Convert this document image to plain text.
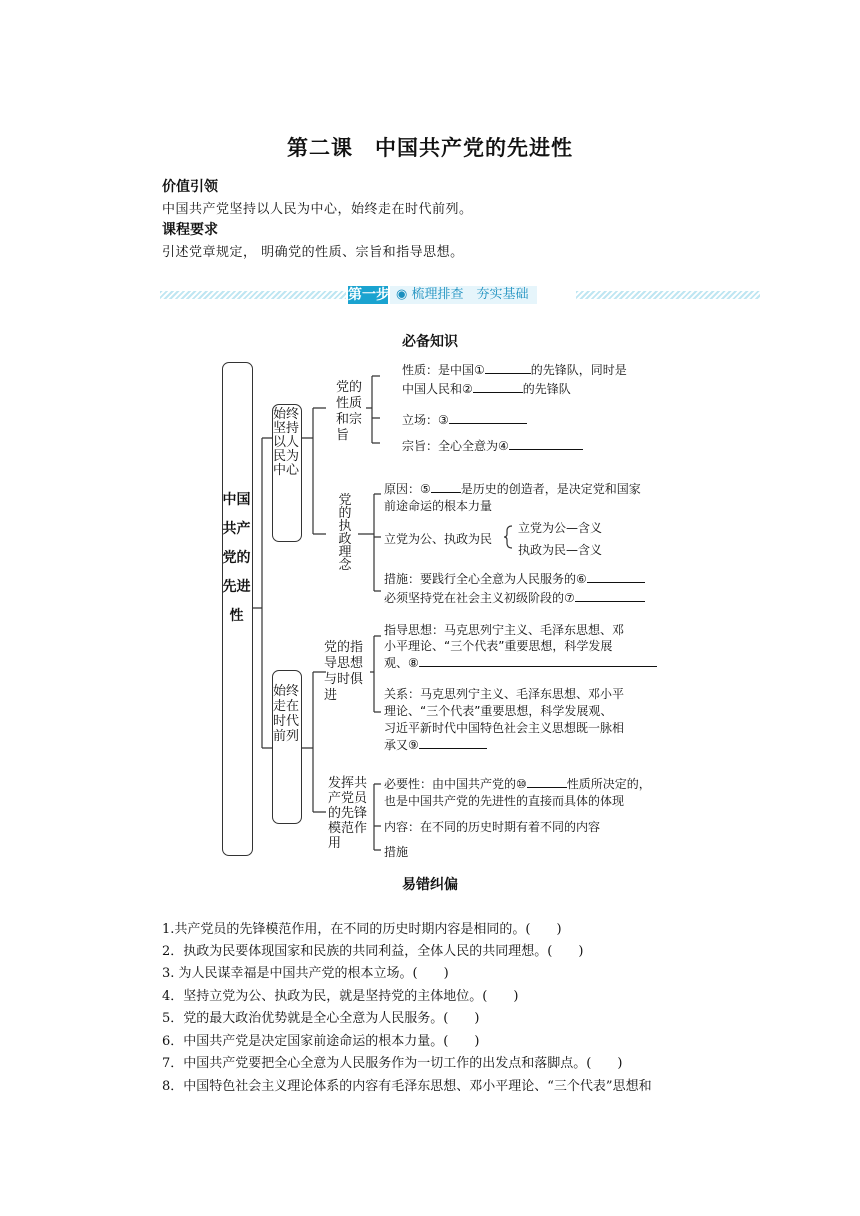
第二课　中国共产党的先进性
价值引领
中国共产党坚持以人民为中心，始终走在时代前列。
课程要求
引述党章规定， 明确党的性质、宗旨和指导思想。
第一步 ◉ 梳理排查　夯实基础
必备知识
中国共产党的先进性
始终坚持以人民为中心
始终走在时代前列
党的性质和宗旨
党的执政理念
党的指导思想与时俱进
发挥共产党员的先锋模范作用
性质：是中国①	的先锋队，同时是
中国人民和②	的先锋队
立场：③
宗旨：全心全意为④
原因：⑤	是历史的创造者，是决定党和国家
前途命运的根本力量
立党为公、执政为民
立党为公—含义
执政为民—含义
措施：要践行全心全意为人民服务的⑥
必须坚持党在社会主义初级阶段的⑦
指导思想：马克思列宁主义、毛泽东思想、邓
小平理论、“三个代表”重要思想，科学发展
观、⑧
关系：马克思列宁主义、毛泽东思想、邓小平
理论、“三个代表”重要思想，科学发展观、
习近平新时代中国特色社会主义思想既一脉相
承又⑨
必要性：由中国共产党的⑩	性质所决定的，
也是中国共产党的先进性的直接而具体的体现
内容：在不同的历史时期有着不同的内容
措施
易错纠偏
1.共产党员的先锋模范作用，在不同的历史时期内容是相同的。(　　)
2．执政为民要体现国家和民族的共同利益，全体人民的共同理想。(　　)
3. 为人民谋幸福是中国共产党的根本立场。(　　)
4．坚持立党为公、执政为民，就是坚持党的主体地位。(　　)
5．党的最大政治优势就是全心全意为人民服务。(　　)
6．中国共产党是决定国家前途命运的根本力量。(　　)
7．中国共产党要把全心全意为人民服务作为一切工作的出发点和落脚点。(　　)
8．中国特色社会主义理论体系的内容有毛泽东思想、邓小平理论、“三个代表”思想和
